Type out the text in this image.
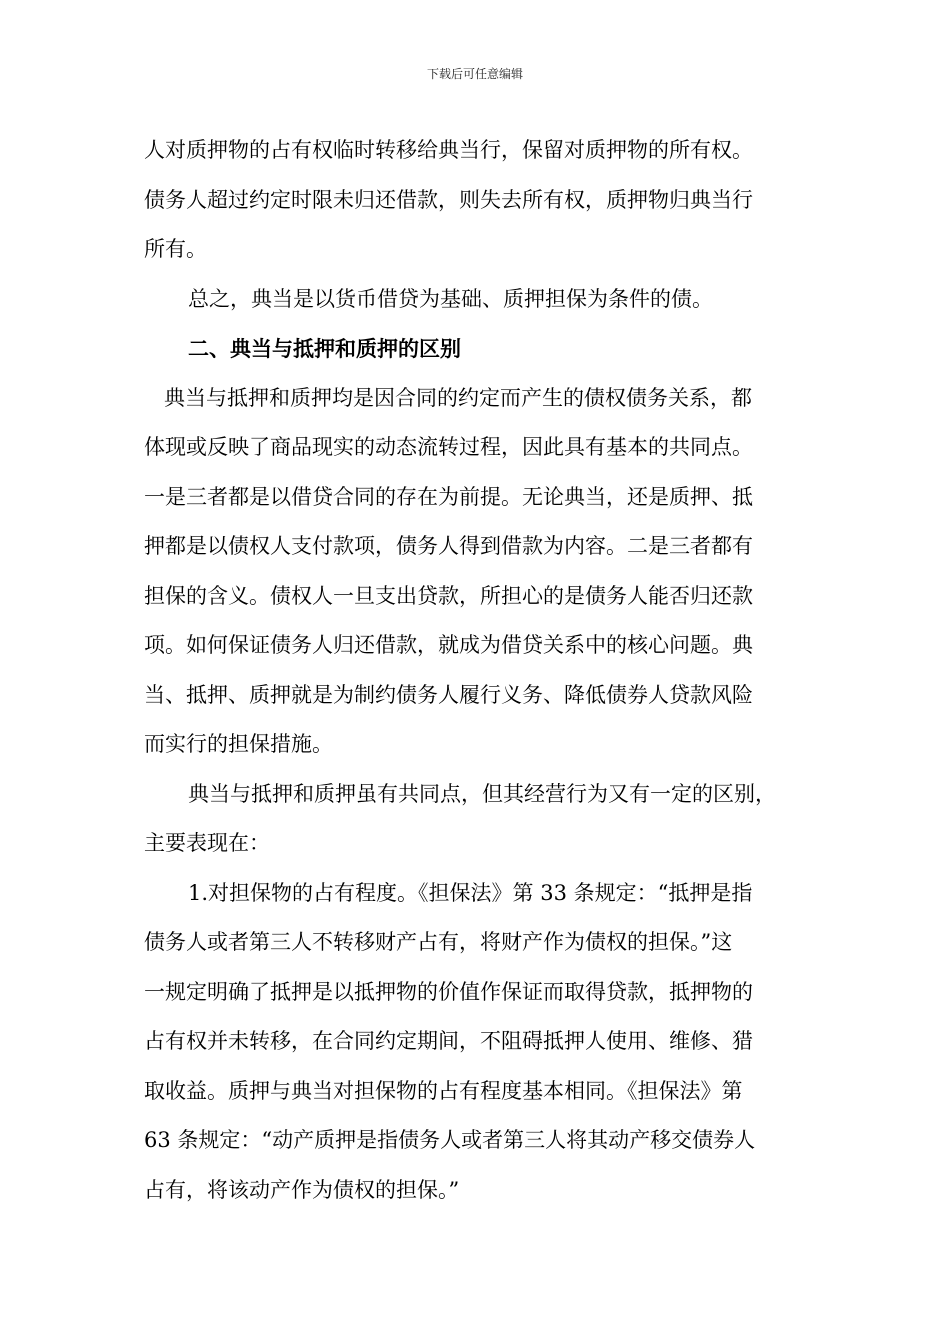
下载后可任意编辑
人对质押物的占有权临时转移给典当行，保留对质押物的所有权。
债务人超过约定时限未归还借款，则失去所有权，质押物归典当行
所有。
总之，典当是以货币借贷为基础、质押担保为条件的债。
二、典当与抵押和质押的区别
典当与抵押和质押均是因合同的约定而产生的债权债务关系，都
体现或反映了商品现实的动态流转过程，因此具有基本的共同点。
一是三者都是以借贷合同的存在为前提。无论典当，还是质押、抵
押都是以债权人支付款项，债务人得到借款为内容。二是三者都有
担保的含义。债权人一旦支出贷款，所担心的是债务人能否归还款
项。如何保证债务人归还借款，就成为借贷关系中的核心问题。典
当、抵押、质押就是为制约债务人履行义务、降低债券人贷款风险
而实行的担保措施。
典当与抵押和质押虽有共同点，但其经营行为又有一定的区别，
主要表现在：
1.对担保物的占有程度。《担保法》第 33 条规定：“抵押是指
债务人或者第三人不转移财产占有，将财产作为债权的担保。”这
一规定明确了抵押是以抵押物的价值作保证而取得贷款，抵押物的
占有权并未转移，在合同约定期间，不阻碍抵押人使用、维修、猎
取收益。质押与典当对担保物的占有程度基本相同。《担保法》第
63 条规定：“动产质押是指债务人或者第三人将其动产移交债券人
占有，将该动产作为债权的担保。”
